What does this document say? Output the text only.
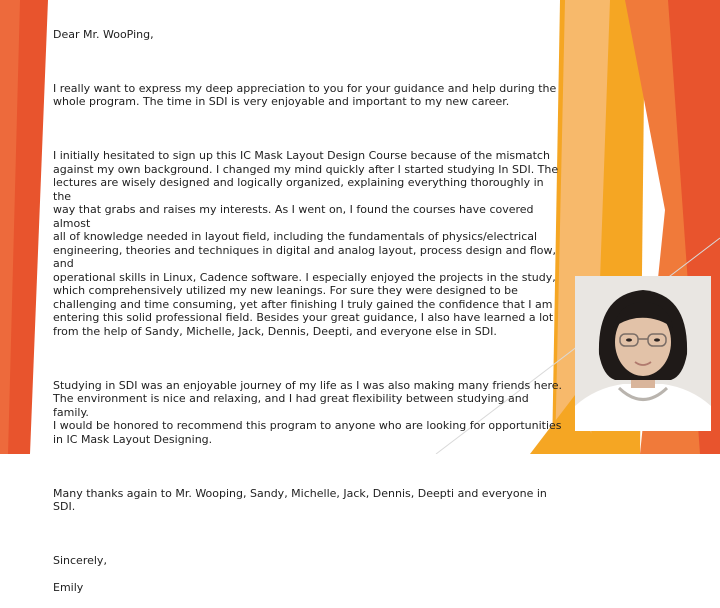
Dear Mr. WooPing,

I really want to express my deep appreciation to you for your guidance and help during the
whole program. The time in SDI is very enjoyable and important to my new career.

I initially hesitated to sign up this IC Mask Layout Design Course because of the mismatch
against my own background. I changed my mind quickly after I started studying In SDI. The
lectures are wisely designed and logically organized, explaining everything thoroughly in the
way that grabs and raises my interests. As I went on, I found the courses have covered almost
all of knowledge needed in layout field, including the fundamentals of physics/electrical
engineering, theories and techniques in digital and analog layout, process design and flow,
and
operational skills in Linux, Cadence software. I especially enjoyed the projects in the study,
which comprehensively utilized my new leanings. For sure they were designed to be
challenging and time consuming, yet after finishing I truly gained the confidence that I am
entering this solid professional field. Besides your great guidance, I also have learned a lot
from the help of Sandy, Michelle, Jack, Dennis, Deepti, and everyone else in SDI.

Studying in SDI was an enjoyable journey of my life as I was also making many friends here.
The environment is nice and relaxing, and I had great flexibility between studying and family.
I would be honored to recommend this program to anyone who are looking for opportunities
in IC Mask Layout Designing.

Many thanks again to Mr. Wooping, Sandy, Michelle, Jack, Dennis, Deepti and everyone in
SDI.

Sincerely,

Emily
